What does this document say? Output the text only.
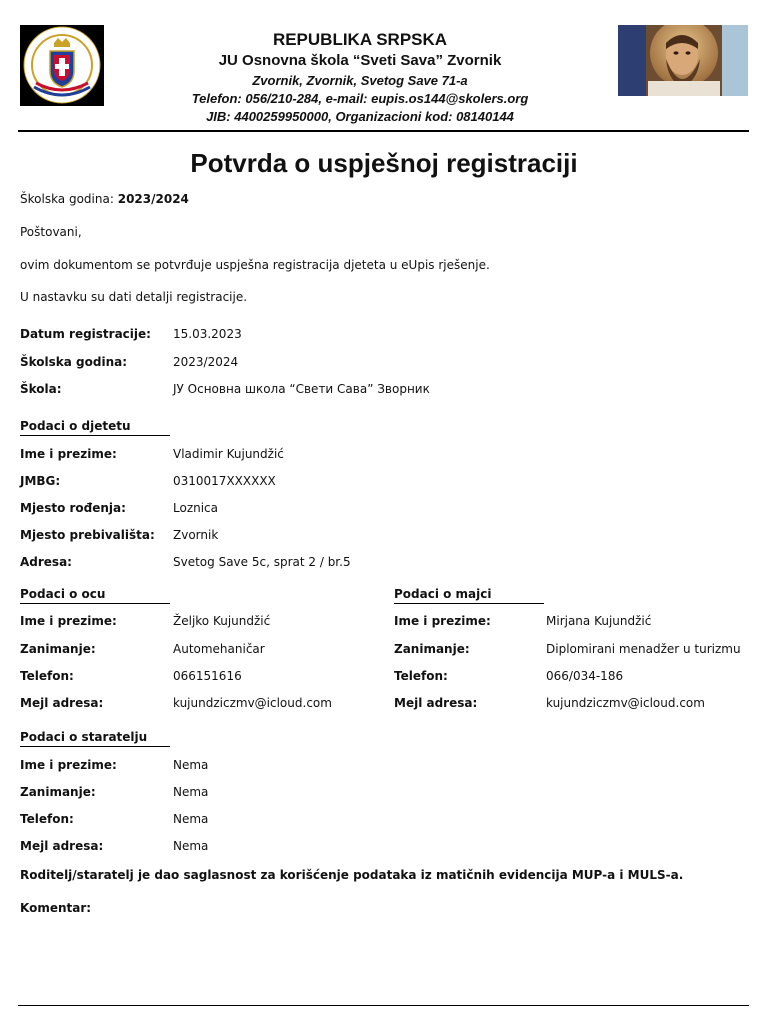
REPUBLIKA SRPSKA
JU Osnovna škola “Sveti Sava” Zvornik
Zvornik, Zvornik, Svetog Save 71-a
Telefon: 056/210-284, e-mail: eupis.os144@skolers.org
JIB: 4400259950000, Organizacioni kod: 08140144
Potvrda o uspješnoj registraciji
Školska godina: 2023/2024
Poštovani,
ovim dokumentom se potvrđuje uspješna registracija djeteta u eUpis rješenje.
U nastavku su dati detalji registracije.
Datum registracije: 15.03.2023
Školska godina:	2023/2024
Škola:	ЈУ Основна школа “Свети Сава” Зворник
Podaci o djetetu
Ime i prezime:	Vladimir Kujundžić
JMBG:	0310017XXXXXX
Mjesto rođenja:	Loznica
Mjesto prebivališta: Zvornik
Adresa:	Svetog Save 5c, sprat 2 / br.5
Podaci o ocu
Ime i prezime:	Željko Kujundžić
Zanimanje:	Automehaničar
Telefon:	066151616
Mejl adresa:	kujundziczmv@icloud.com
Podaci o majci
Ime i prezime:	Mirjana Kujundžić
Zanimanje:	Diplomirani menadžer u turizmu
Telefon:	066/034-186
Mejl adresa:	kujundziczmv@icloud.com
Podaci o staratelju
Ime i prezime:	Nema
Zanimanje:	Nema
Telefon:	Nema
Mejl adresa:	Nema
Roditelj/staratelj je dao saglasnost za korišćenje podataka iz matičnih evidencija MUP-a i MULS-a.
Komentar:
